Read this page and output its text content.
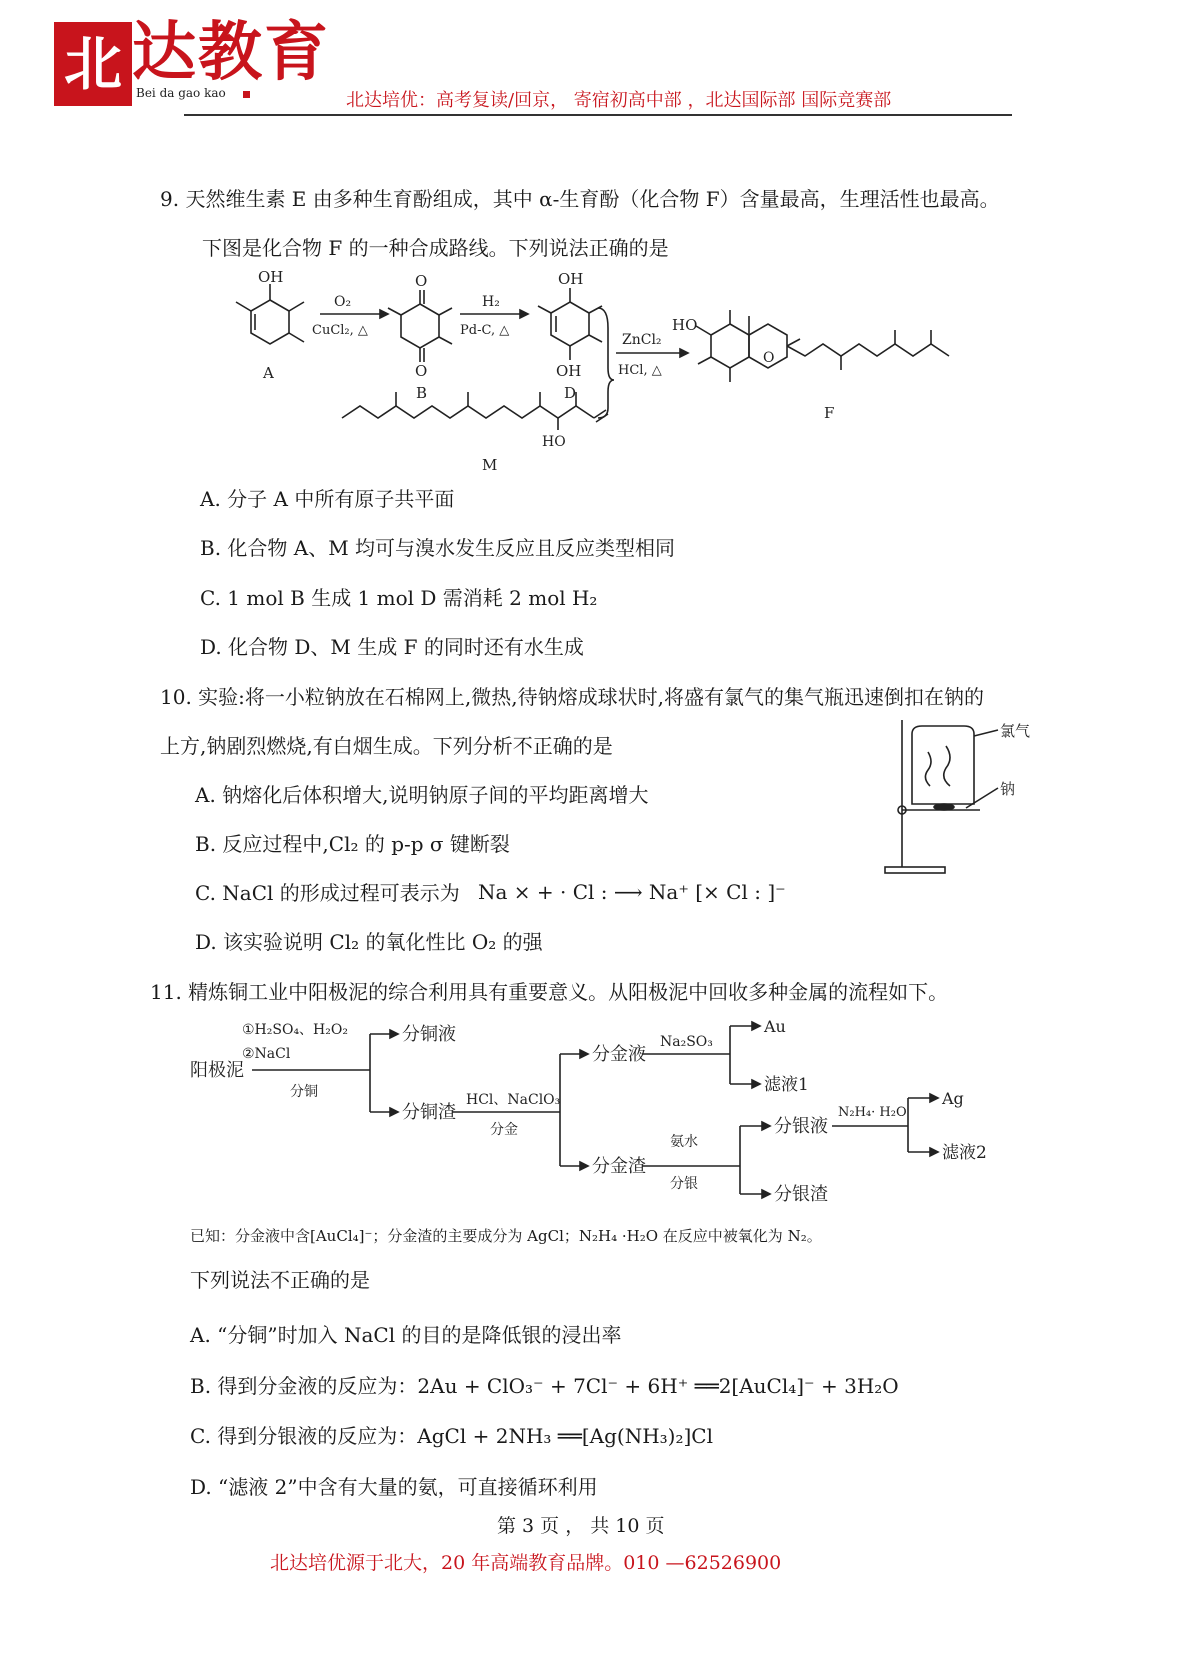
北 达教育
Bei da gao kao	北达培优：高考复读/回京， 寄宿初高中部 ，北达国际部 国际竞赛部
9. 天然维生素 E 由多种生育酚组成，其中 α-生育酚（化合物 F）含量最高，生理活性也最高。
下图是化合物 F 的一种合成路线。下列说法正确的是
OH
A
O₂
CuCl₂, △
O
O
B
H₂
Pd-C, △
OH
OH
D
ZnCl₂
HCl, △
HO
M
HO
O
F
A. 分子 A 中所有原子共平面
B. 化合物 A、M 均可与溴水发生反应且反应类型相同
C. 1 mol B 生成 1 mol D 需消耗 2 mol H₂
D. 化合物 D、M 生成 F 的同时还有水生成
10. 实验:将一小粒钠放在石棉网上,微热,待钠熔成球状时,将盛有氯气的集气瓶迅速倒扣在钠的
上方,钠剧烈燃烧,有白烟生成。下列分析不正确的是
氯气
钠
A. 钠熔化后体积增大,说明钠原子间的平均距离增大
B. 反应过程中,Cl₂ 的 p-p σ 键断裂
C. NaCl 的形成过程可表示为 Na × + · Cl : ⟶ Na⁺ [× Cl : ]⁻
D. 该实验说明 Cl₂ 的氧化性比 O₂ 的强
11. 精炼铜工业中阳极泥的综合利用具有重要意义。从阳极泥中回收多种金属的流程如下。
阳极泥
①H₂SO₄、H₂O₂
②NaCl
分铜
分铜液
分铜渣
HCl、NaClO₃
分金
分金液
分金渣
Na₂SO₃
Au
滤液1
氨水
分银
分银液
分银渣
N₂H₄· H₂O
Ag
滤液2
已知：分金液中含[AuCl₄]⁻；分金渣的主要成分为 AgCl；N₂H₄ ·H₂O 在反应中被氧化为 N₂。
下列说法不正确的是
A. “分铜”时加入 NaCl 的目的是降低银的浸出率
B. 得到分金液的反应为：2Au + ClO₃⁻ + 7Cl⁻ + 6H⁺ ══2[AuCl₄]⁻ + 3H₂O
C. 得到分银液的反应为：AgCl + 2NH₃ ══[Ag(NH₃)₂]Cl
D. “滤液 2”中含有大量的氨，可直接循环利用
第 3 页 ， 共 10 页
北达培优源于北大，20 年高端教育品牌。010 —62526900
